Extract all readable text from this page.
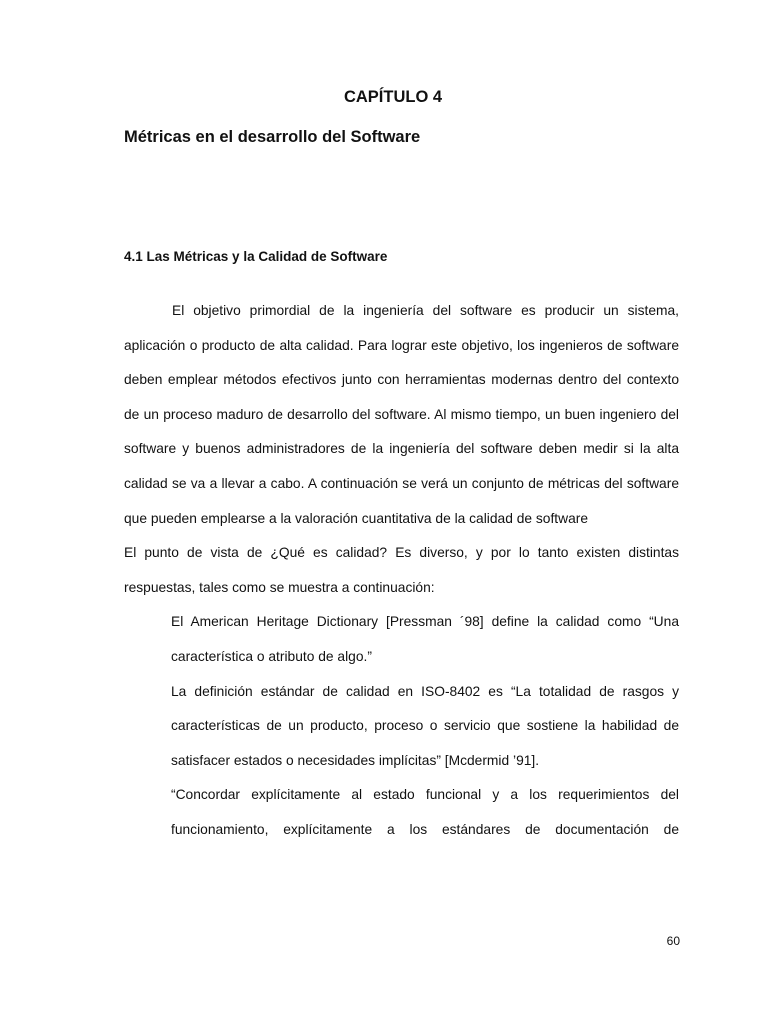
CAPÍTULO 4
Métricas en el desarrollo del Software
4.1 Las Métricas y la Calidad de Software

El objetivo primordial de la ingeniería del software es producir un sistema, aplicación o producto de alta calidad. Para lograr este objetivo, los ingenieros de software deben emplear métodos efectivos junto con herramientas modernas dentro del contexto de un proceso maduro de desarrollo del software. Al mismo tiempo, un buen ingeniero del software y buenos administradores de la ingeniería del software deben medir si la alta calidad se va a llevar a cabo. A continuación se verá un conjunto de métricas del software que pueden emplearse a la valoración cuantitativa de la calidad de software

El punto de vista de ¿Qué es calidad? Es diverso, y por lo tanto existen distintas respuestas, tales como se muestra a continuación:

El American Heritage Dictionary [Pressman ´98] define la calidad como “Una característica o atributo de algo.”

La definición estándar de calidad en ISO-8402 es “La totalidad de rasgos y características de un producto, proceso o servicio que sostiene la habilidad de satisfacer estados o necesidades implícitas” [Mcdermid ’91].

“Concordar explícitamente al estado funcional y a los requerimientos del funcionamiento, explícitamente a los estándares de documentación de

60
